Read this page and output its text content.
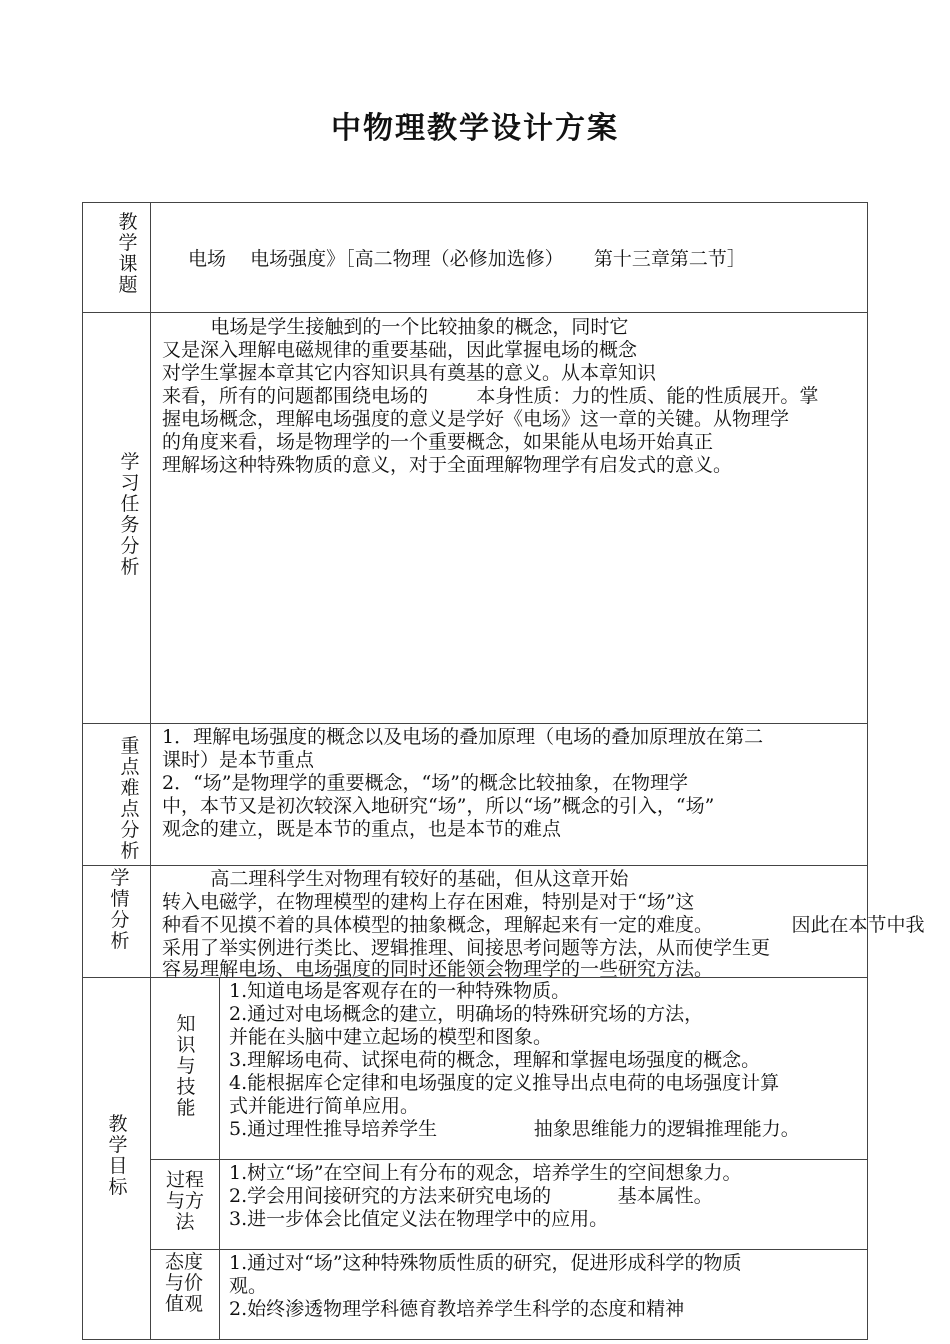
中物理教学设计方案
教学课题
电场    电场强度》［高二物理（必修加选修）     第十三章第二节］
学习任务分析
电场是学生接触到的一个比较抽象的概念，同时它
又是深入理解电磁规律的重要基础，因此掌握电场的概念
对学生掌握本章其它内容知识具有奠基的意义。从本章知识
来看，所有的问题都围绕电场的        本身性质：力的性质、能的性质展开。掌
握电场概念，理解电场强度的意义是学好《电场》这一章的关键。从物理学
的角度来看，场是物理学的一个重要概念，如果能从电场开始真正
理解场这种特殊物质的意义，对于全面理解物理学有启发式的意义。
重点难点分析
1．理解电场强度的概念以及电场的叠加原理（电场的叠加原理放在第二
课时）是本节重点
2．“场”是物理学的重要概念，“场”的概念比较抽象，在物理学
中，本节又是初次较深入地研究“场”，所以“场”概念的引入，“场”
观念的建立，既是本节的重点，也是本节的难点
学情分析
高二理科学生对物理有较好的基础，但从这章开始
转入电磁学，在物理模型的建构上存在困难，特别是对于“场”这
种看不见摸不着的具体模型的抽象概念，理解起来有一定的难度。             因此在本节中我
采用了举实例进行类比、逻辑推理、间接思考问题等方法，从而使学生更
容易理解电场、电场强度的同时还能领会物理学的一些研究方法。
教学目标
知识与技能
1.知道电场是客观存在的一种特殊物质。
2.通过对电场概念的建立，明确场的特殊研究场的方法，
并能在头脑中建立起场的模型和图象。
3.理解场电荷、试探电荷的概念，理解和掌握电场强度的概念。
4.能根据库仑定律和电场强度的定义推导出点电荷的电场强度计算
式并能进行简单应用。
5.通过理性推导培养学生                抽象思维能力的逻辑推理能力。
过程与方法
1.树立“场”在空间上有分布的观念，培养学生的空间想象力。
2.学会用间接研究的方法来研究电场的           基本属性。
3.进一步体会比值定义法在物理学中的应用。
态度与价值观
1.通过对“场”这种特殊物质性质的研究，促进形成科学的物质
观。
2.始终渗透物理学科德育教培养学生科学的态度和精神
